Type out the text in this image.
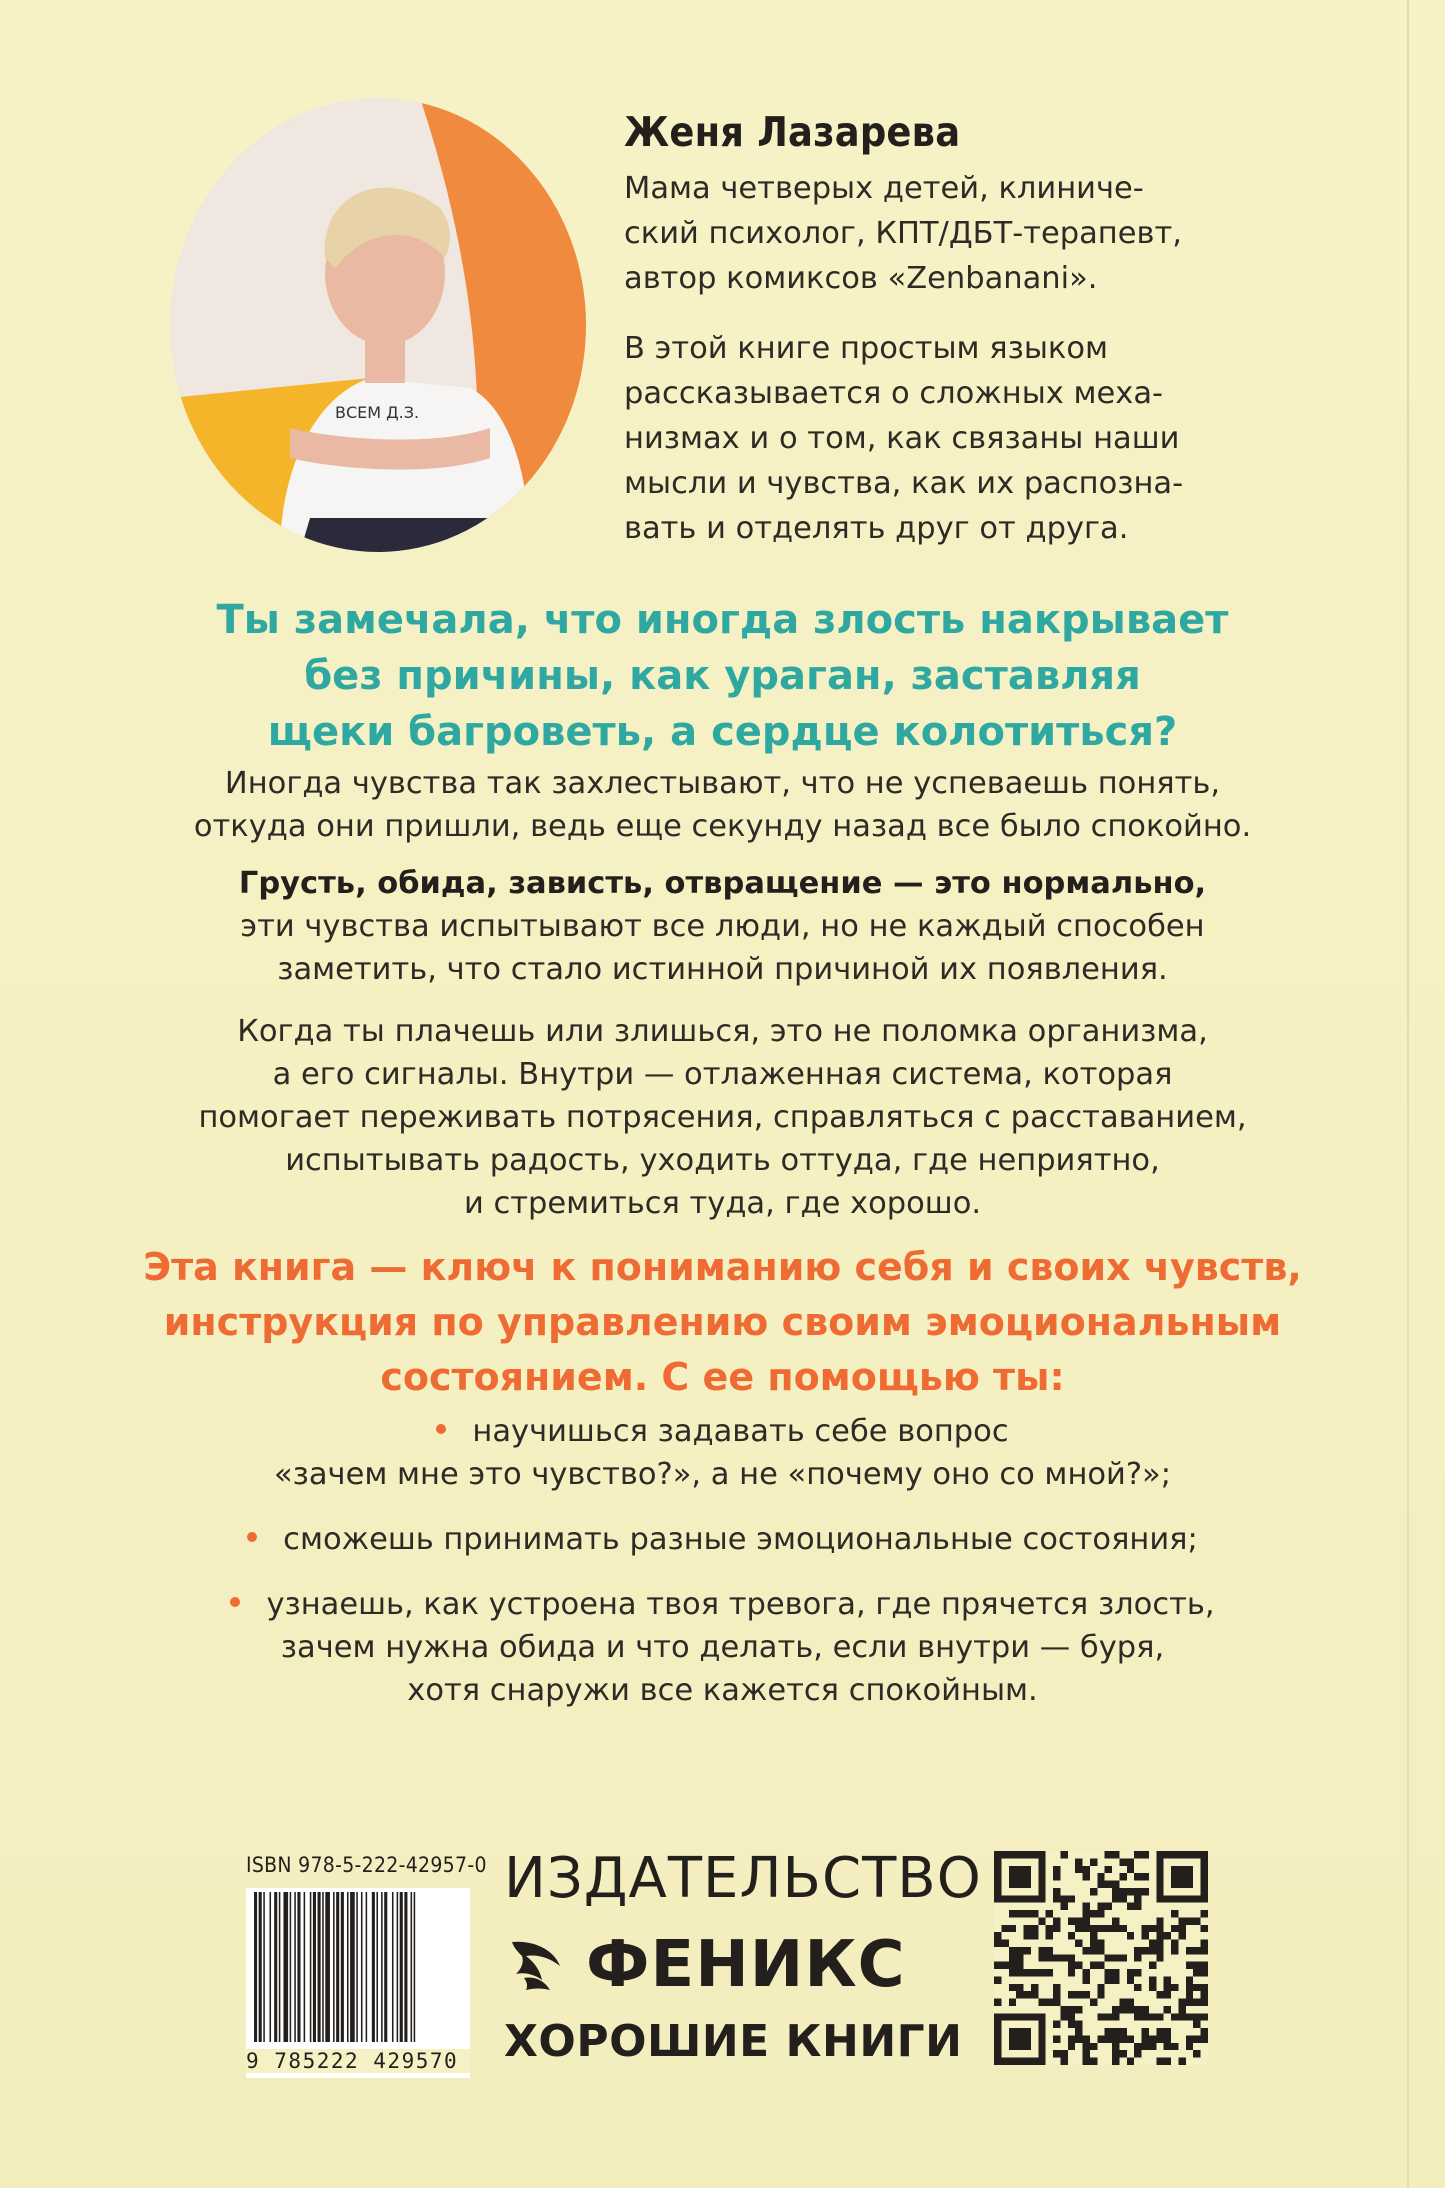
ВСЕМ Д.З.
Женя Лазарева
Мама четверых детей, клиниче-
ский психолог, КПТ/ДБТ-терапевт,
автор комиксов «Zenbanani».
В этой книге простым языком
рассказывается о сложных меха-
низмах и о том, как связаны наши
мысли и чувства, как их распозна-
вать и отделять друг от друга.
Ты замечала, что иногда злость накрывает
без причины, как ураган, заставляя
щеки багроветь, а сердце колотиться?
Иногда чувства так захлестывают, что не успеваешь понять,
откуда они пришли, ведь еще секунду назад все было спокойно.
Грусть, обида, зависть, отвращение — это нормально,
эти чувства испытывают все люди, но не каждый способен
заметить, что стало истинной причиной их появления.
Когда ты плачешь или злишься, это не поломка организма,
а его сигналы. Внутри — отлаженная система, которая
помогает переживать потрясения, справляться с расставанием,
испытывать радость, уходить оттуда, где неприятно,
и стремиться туда, где хорошо.
Эта книга — ключ к пониманию себя и своих чувств,
инструкция по управлению своим эмоциональным
состоянием. С ее помощью ты:
научишься задавать себе вопрос
«зачем мне это чувство?», а не «почему оно со мной?»;
сможешь принимать разные эмоциональные состояния;
узнаешь, как устроена твоя тревога, где прячется злость,
зачем нужна обида и что делать, если внутри — буря,
хотя снаружи все кажется спокойным.
ISBN 978-5-222-42957-0
9 785222 429570
ИЗДАТЕЛЬСТВО
ФЕНИКС
ХОРОШИЕ КНИГИ
